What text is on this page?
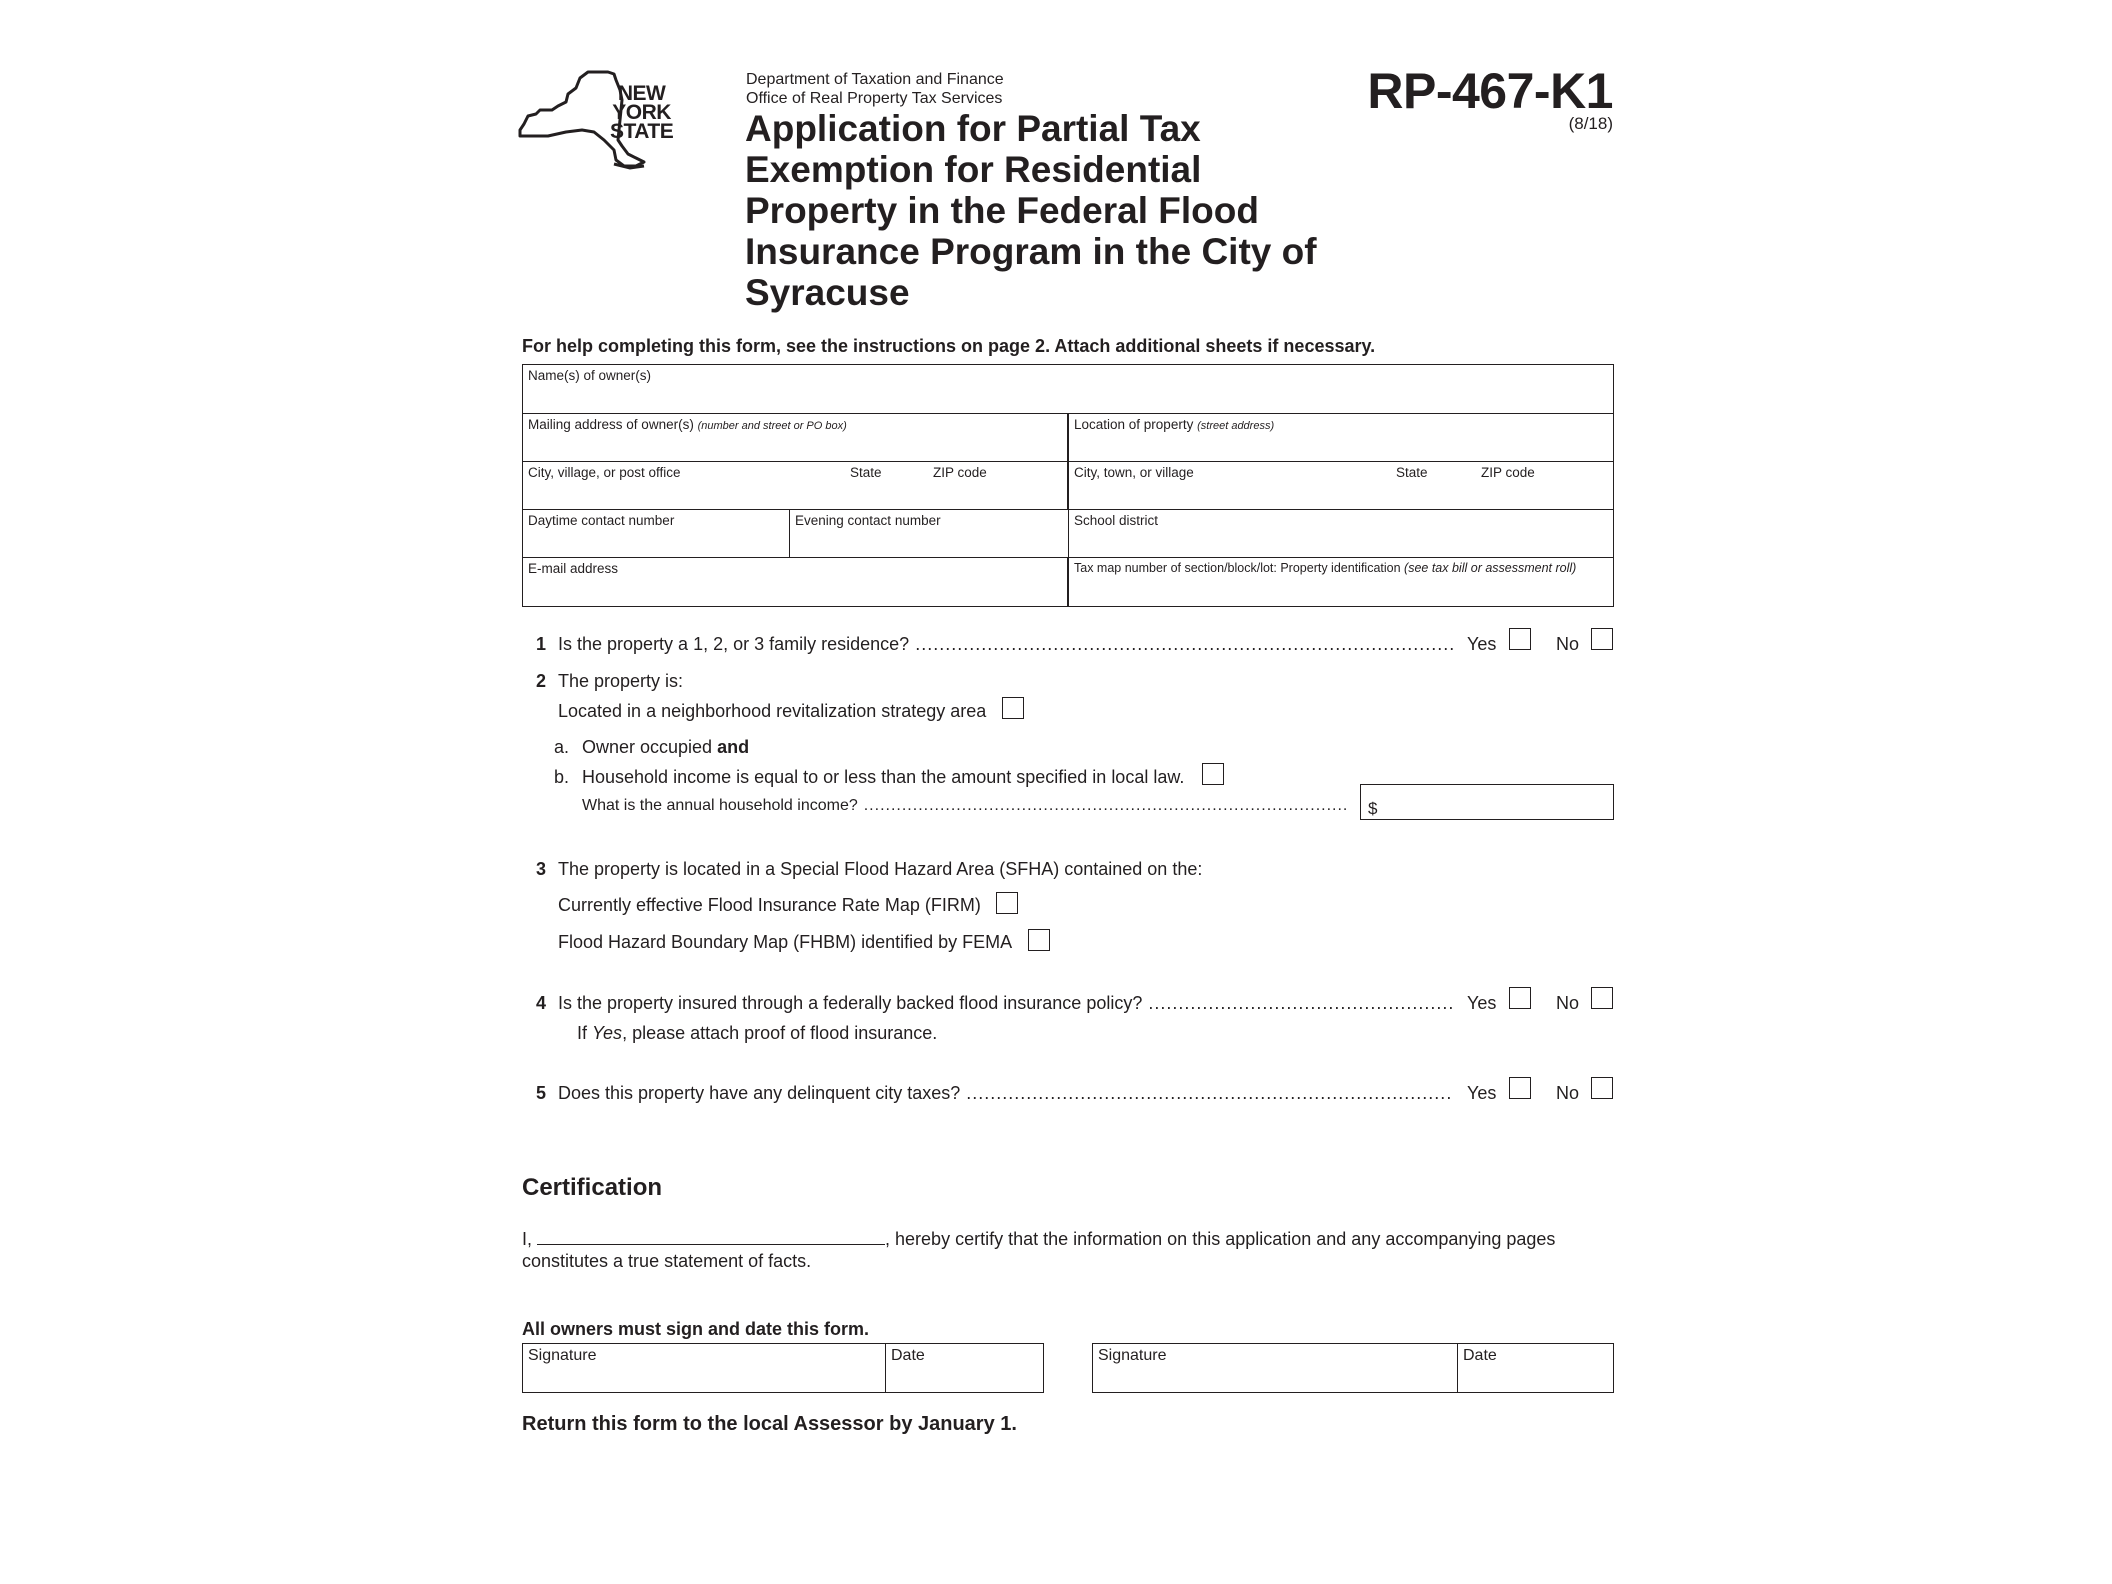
NEW
YORK
STATE
Department of Taxation and Finance
Office of Real Property Tax Services
Application for Partial Tax Exemption for Residential Property in the Federal Flood Insurance Program in the City of Syracuse
RP-467-K1
(8/18)
For help completing this form, see the instructions on page 2. Attach additional sheets if necessary.
Name(s) of owner(s)
Mailing address of owner(s) (number and street or PO box)	Location of property (street address)
City, village, or post office	State	ZIP code	City, town, or village	State	ZIP code
Daytime contact number	Evening contact number	School district
E-mail address	Tax map number of section/block/lot: Property identification (see tax bill or assessment roll)
1 Is the property a 1, 2, or 3 family residence? .....	Yes	No
2 The property is:
Located in a neighborhood revitalization strategy area
a. Owner occupied and
b. Household income is equal to or less than the amount specified in local law.
What is the annual household income? .....	$
3 The property is located in a Special Flood Hazard Area (SFHA) contained on the:
Currently effective Flood Insurance Rate Map (FIRM)
Flood Hazard Boundary Map (FHBM) identified by FEMA
4 Is the property insured through a federally backed flood insurance policy? .....	Yes	No
If Yes, please attach proof of flood insurance.
5 Does this property have any delinquent city taxes? .....	Yes	No
Certification
I,	, hereby certify that the information on this application and any accompanying pages constitutes a true statement of facts.
All owners must sign and date this form.
Signature	Date	Signature	Date
Return this form to the local Assessor by January 1.
